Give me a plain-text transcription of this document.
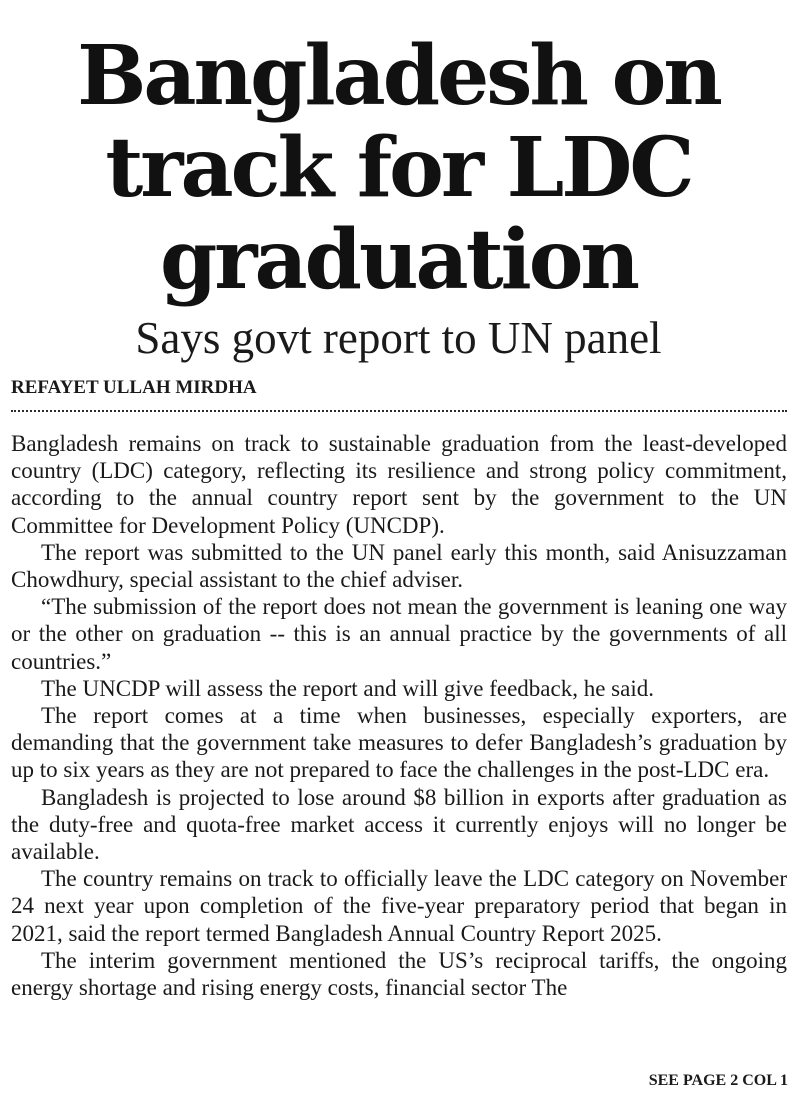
Bangladesh on
track for LDC
graduation
Says govt report to UN panel
REFAYET ULLAH MIRDHA

Bangladesh remains on track to sustainable graduation from the least-developed country (LDC) category, reflecting its resilience and strong policy commitment, according to the annual country report sent by the government to the UN Committee for Development Policy (UNCDP).

The report was submitted to the UN panel early this month, said Anisuzzaman Chowdhury, special assistant to the chief adviser.

“The submission of the report does not mean the government is leaning one way or the other on graduation -- this is an annual practice by the governments of all countries.”

The UNCDP will assess the report and will give feedback, he said.

The report comes at a time when businesses, especially exporters, are demanding that the government take measures to defer Bangladesh’s graduation by up to six years as they are not prepared to face the challenges in the post-LDC era.

Bangladesh is projected to lose around $8 billion in exports after graduation as the duty-free and quota-free market access it currently enjoys will no longer be available.

The country remains on track to officially leave the LDC category on November 24 next year upon completion of the five-year preparatory period that began in 2021, said the report termed Bangladesh Annual Country Report 2025.

The interim government mentioned the US’s reciprocal tariffs, the ongoing energy shortage and rising energy costs, financial sector The

SEE PAGE 2 COL 1
